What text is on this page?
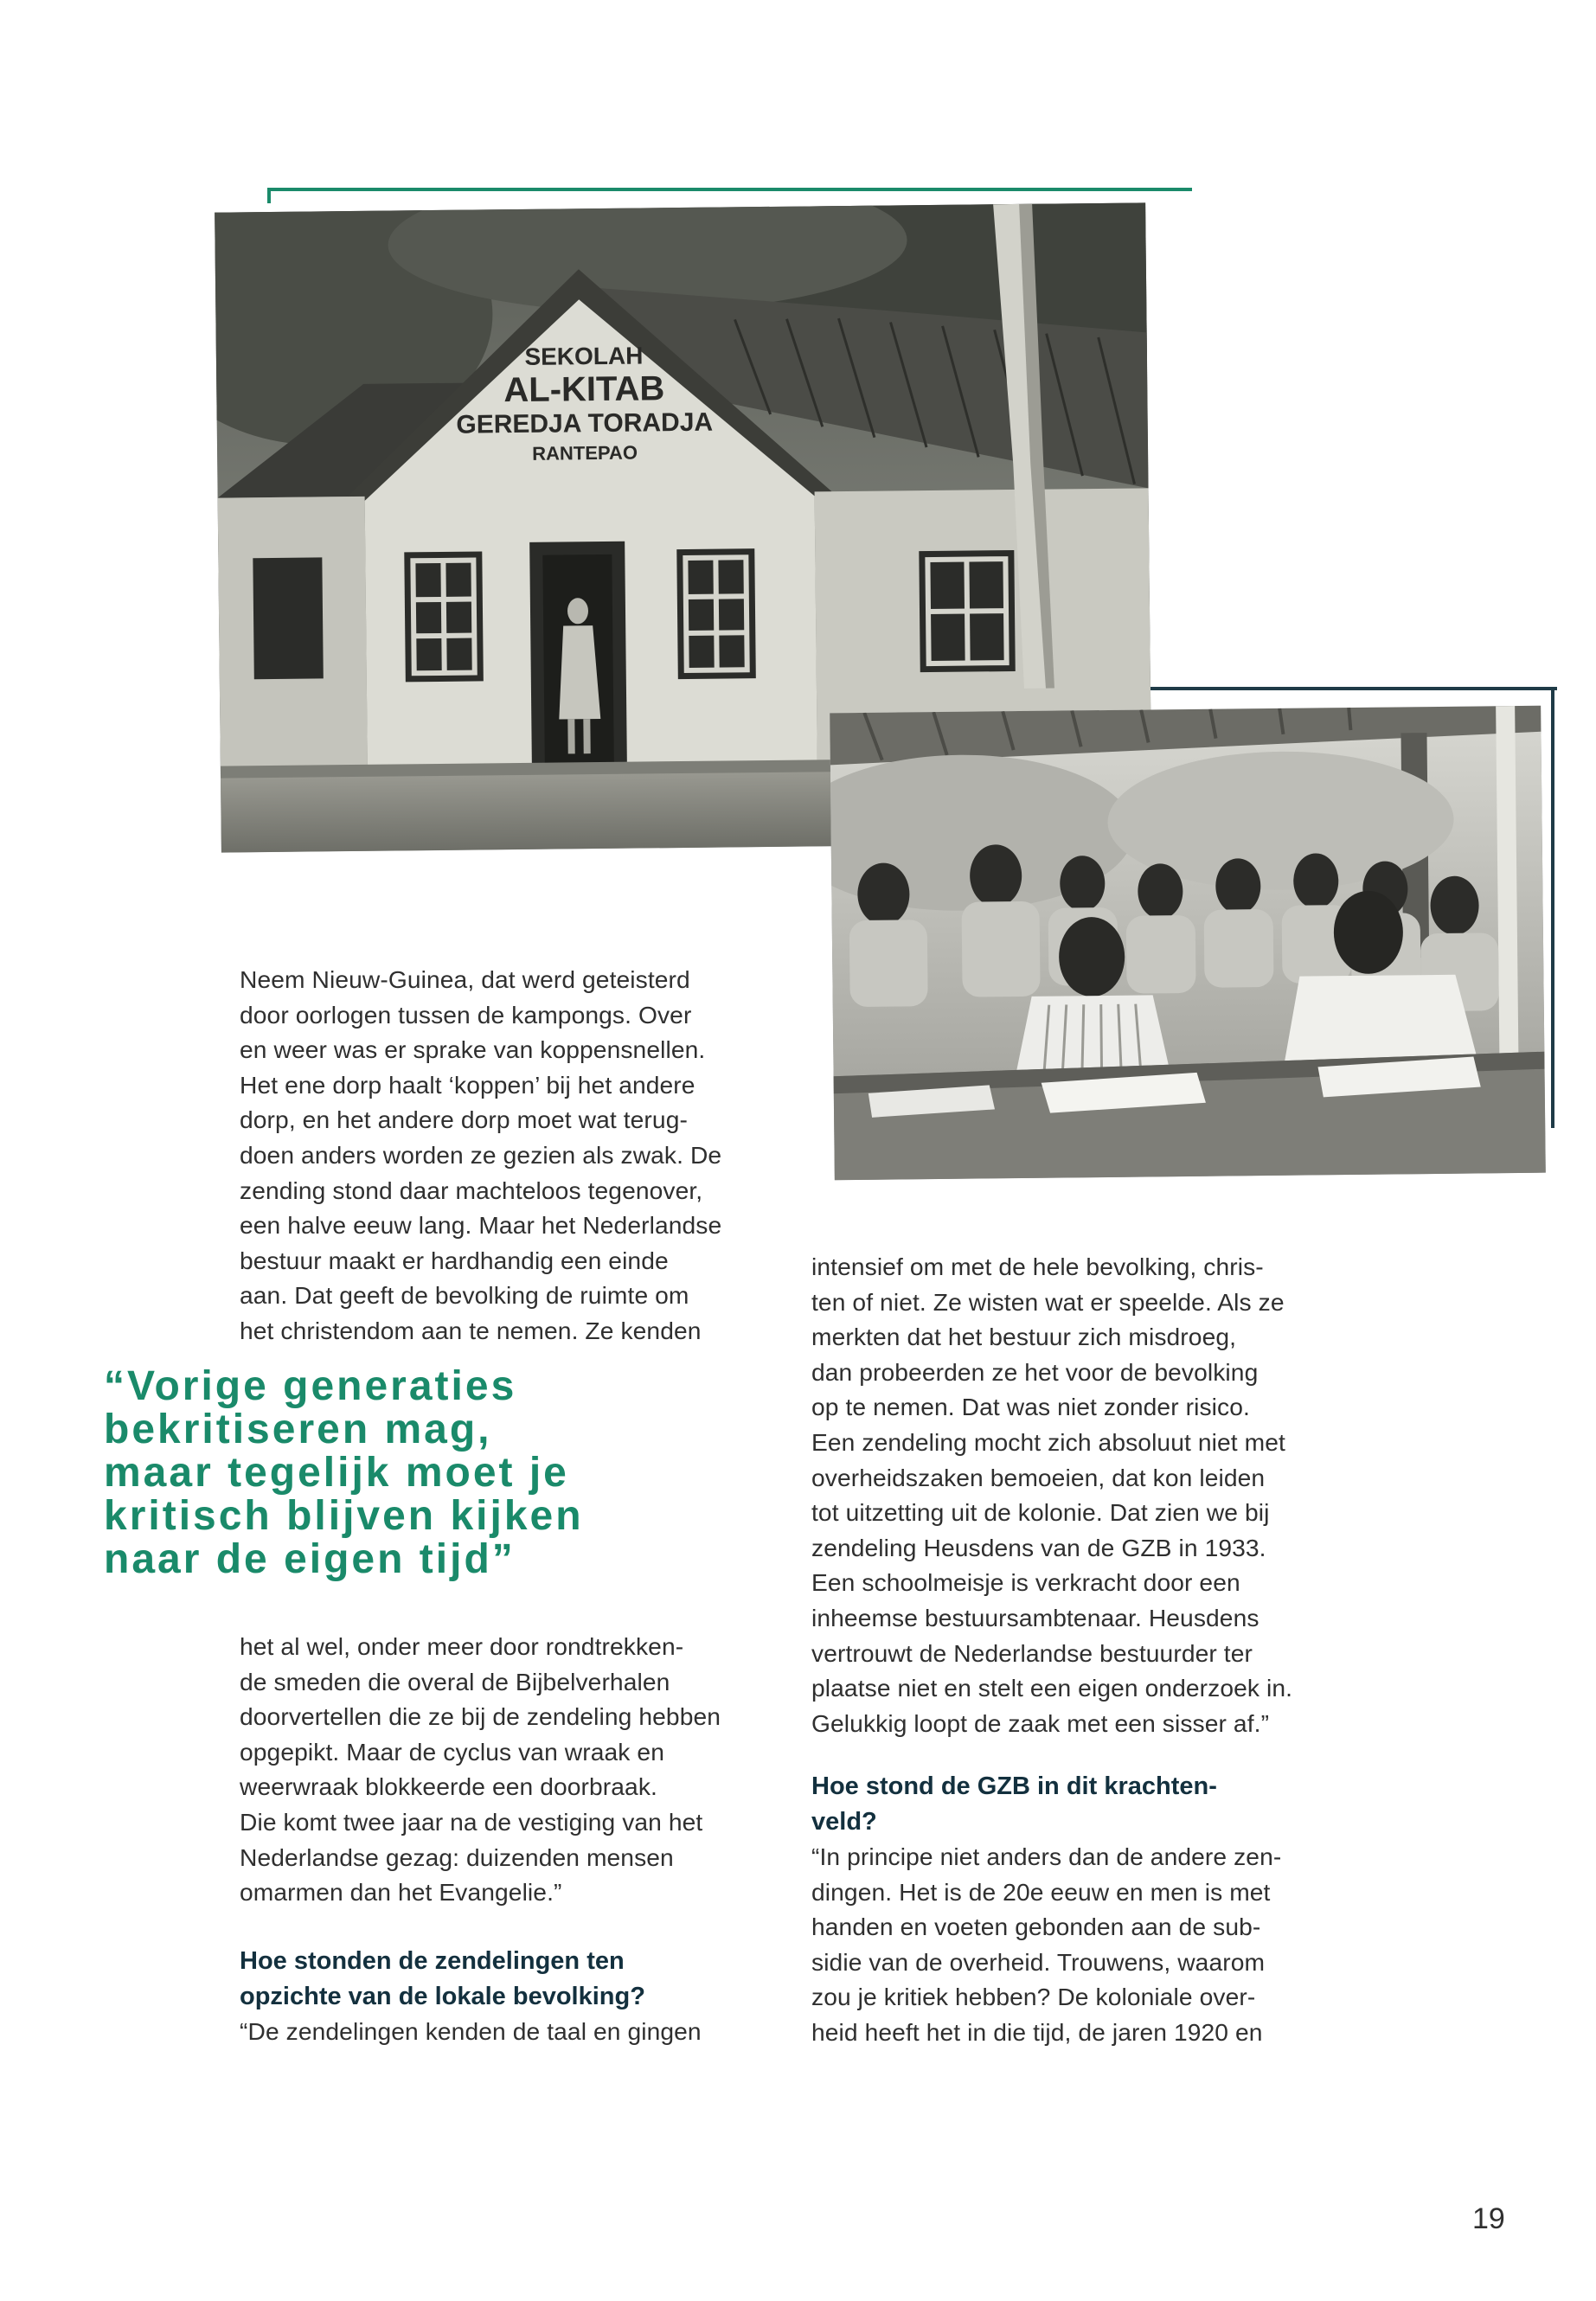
SEKOLAH
AL-KITAB
GEREDJA TORADJA
RANTEPAO

Neem Nieuw-Guinea, dat werd geteisterd

door oorlogen tussen de kampongs. Over

en weer was er sprake van koppensnellen.

Het ene dorp haalt ‘koppen’ bij het andere

dorp, en het andere dorp moet wat terug-

doen anders worden ze gezien als zwak. De

zending stond daar machteloos tegenover,

een halve eeuw lang. Maar het Nederlandse

bestuur maakt er hardhandig een einde

aan. Dat geeft de bevolking de ruimte om

het christendom aan te nemen. Ze kenden

“Vorige generaties

bekritiseren mag,

maar tegelijk moet je

kritisch blijven kijken

naar de eigen tijd”

het al wel, onder meer door rondtrekken-

de smeden die overal de Bijbelverhalen

doorvertellen die ze bij de zendeling hebben

opgepikt. Maar de cyclus van wraak en

weerwraak blokkeerde een doorbraak.

Die komt twee jaar na de vestiging van het

Nederlandse gezag: duizenden mensen

omarmen dan het Evangelie.”

Hoe stonden de zendelingen ten

opzichte van de lokale bevolking?

“De zendelingen kenden de taal en gingen

intensief om met de hele bevolking, chris-

ten of niet. Ze wisten wat er speelde. Als ze

merkten dat het bestuur zich misdroeg,

dan probeerden ze het voor de bevolking

op te nemen. Dat was niet zonder risico.

Een zendeling mocht zich absoluut niet met

overheidszaken bemoeien, dat kon leiden

tot uitzetting uit de kolonie. Dat zien we bij

zendeling Heusdens van de GZB in 1933.

Een schoolmeisje is verkracht door een

inheemse bestuursambtenaar. Heusdens

vertrouwt de Nederlandse bestuurder ter

plaatse niet en stelt een eigen onderzoek in.

Gelukkig loopt de zaak met een sisser af.”

Hoe stond de GZB in dit krachten-

veld?

“In principe niet anders dan de andere zen-

dingen. Het is de 20e eeuw en men is met

handen en voeten gebonden aan de sub-

sidie van de overheid. Trouwens, waarom

zou je kritiek hebben? De koloniale over-

heid heeft het in die tijd, de jaren 1920 en

19
